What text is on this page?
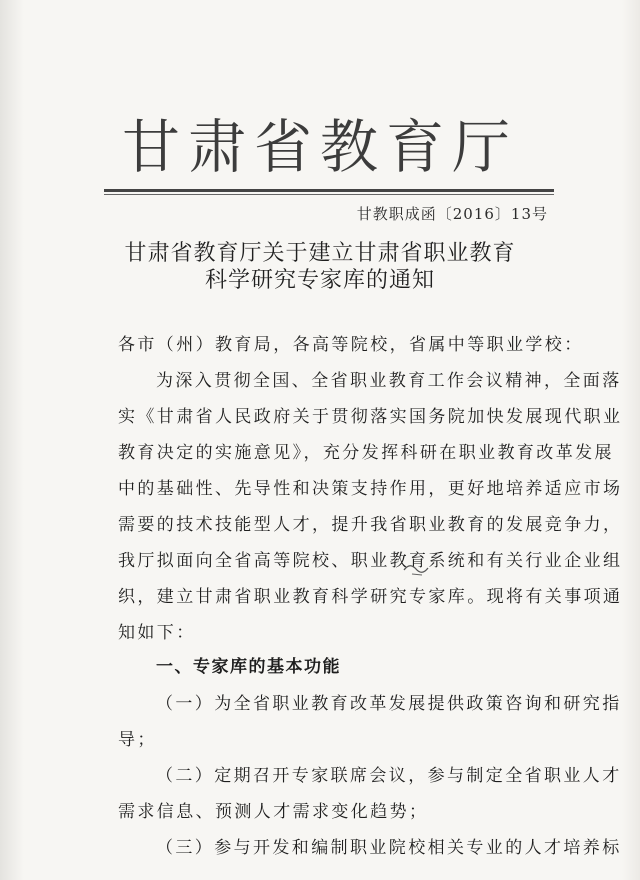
甘肃省教育厅
甘教职成函〔2016〕13号
甘肃省教育厅关于建立甘肃省职业教育
科学研究专家库的通知
各市（州）教育局，各高等院校，省属中等职业学校：
为深入贯彻全国、全省职业教育工作会议精神，全面落
实《甘肃省人民政府关于贯彻落实国务院加快发展现代职业
教育决定的实施意见》，充分发挥科研在职业教育改革发展
中的基础性、先导性和决策支持作用，更好地培养适应市场
需要的技术技能型人才，提升我省职业教育的发展竞争力，
我厅拟面向全省高等院校、职业教育系统和有关行业企业组
织，建立甘肃省职业教育科学研究专家库。现将有关事项通
知如下：
一、专家库的基本功能
（一）为全省职业教育改革发展提供政策咨询和研究指
导；
（二）定期召开专家联席会议，参与制定全省职业人才
需求信息、预测人才需求变化趋势；
（三）参与开发和编制职业院校相关专业的人才培养标
